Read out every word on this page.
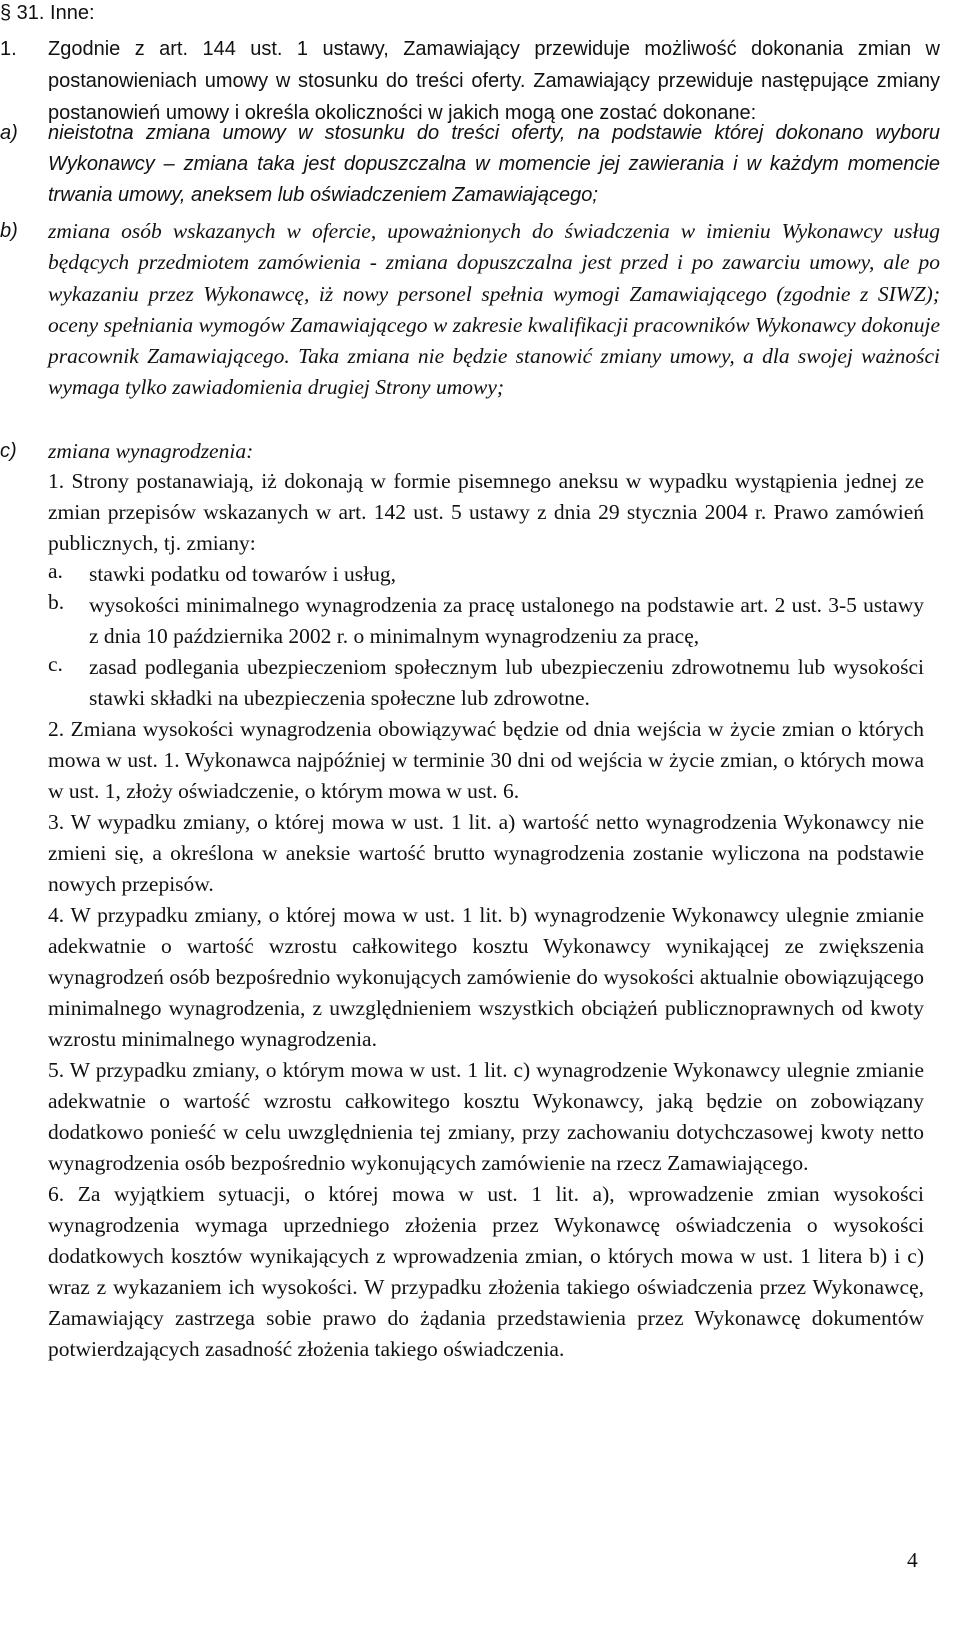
§ 31. Inne:
1. Zgodnie z art. 144 ust. 1 ustawy, Zamawiający przewiduje możliwość dokonania zmian w postanowieniach umowy w stosunku do treści oferty. Zamawiający przewiduje następujące zmiany postanowień umowy i określa okoliczności w jakich mogą one zostać dokonane:
a) nieistotna zmiana umowy w stosunku do treści oferty, na podstawie której dokonano wyboru Wykonawcy – zmiana taka jest dopuszczalna w momencie jej zawierania i w każdym momencie trwania umowy, aneksem lub oświadczeniem Zamawiającego;
b) zmiana osób wskazanych w ofercie, upoważnionych do świadczenia w imieniu Wykonawcy usług będących przedmiotem zamówienia - zmiana dopuszczalna jest przed i po zawarciu umowy, ale po wykazaniu przez Wykonawcę, iż nowy personel spełnia wymogi Zamawiającego (zgodnie z SIWZ); oceny spełniania wymogów Zamawiającego w zakresie kwalifikacji pracowników Wykonawcy dokonuje pracownik Zamawiającego. Taka zmiana nie będzie stanowić zmiany umowy, a dla swojej ważności wymaga tylko zawiadomienia drugiej Strony umowy;
c) zmiana wynagrodzenia:

1. Strony postanawiają, iż dokonają w formie pisemnego aneksu w wypadku wystąpienia jednej ze zmian przepisów wskazanych w art. 142 ust. 5 ustawy z dnia 29 stycznia 2004 r. Prawo zamówień publicznych, tj. zmiany:

a. stawki podatku od towarów i usług,
b. wysokości minimalnego wynagrodzenia za pracę ustalonego na podstawie art. 2 ust. 3-5 ustawy z dnia 10 października 2002 r. o minimalnym wynagrodzeniu za pracę,
c. zasad podlegania ubezpieczeniom społecznym lub ubezpieczeniu zdrowotnemu lub wysokości stawki składki na ubezpieczenia społeczne lub zdrowotne.

2. Zmiana wysokości wynagrodzenia obowiązywać będzie od dnia wejścia w życie zmian o których mowa w ust. 1. Wykonawca najpóźniej w terminie 30 dni od wejścia w życie zmian, o których mowa w ust. 1, złoży oświadczenie, o którym mowa w ust. 6.

3. W wypadku zmiany, o której mowa w ust. 1 lit. a) wartość netto wynagrodzenia Wykonawcy nie zmieni się, a określona w aneksie wartość brutto wynagrodzenia zostanie wyliczona na podstawie nowych przepisów.

4. W przypadku zmiany, o której mowa w ust. 1 lit. b) wynagrodzenie Wykonawcy ulegnie zmianie adekwatnie o wartość wzrostu całkowitego kosztu Wykonawcy wynikającej ze zwiększenia wynagrodzeń osób bezpośrednio wykonujących zamówienie do wysokości aktualnie obowiązującego minimalnego wynagrodzenia, z uwzględnieniem wszystkich obciążeń publicznoprawnych od kwoty wzrostu minimalnego wynagrodzenia.

5. W przypadku zmiany, o którym mowa w ust. 1 lit. c) wynagrodzenie Wykonawcy ulegnie zmianie adekwatnie o wartość wzrostu całkowitego kosztu Wykonawcy, jaką będzie on zobowiązany dodatkowo ponieść w celu uwzględnienia tej zmiany, przy zachowaniu dotychczasowej kwoty netto wynagrodzenia osób bezpośrednio wykonujących zamówienie na rzecz Zamawiającego.

6. Za wyjątkiem sytuacji, o której mowa w ust. 1 lit. a), wprowadzenie zmian wysokości wynagrodzenia wymaga uprzedniego złożenia przez Wykonawcę oświadczenia o wysokości dodatkowych kosztów wynikających z wprowadzenia zmian, o których mowa w ust. 1 litera b) i c) wraz z wykazaniem ich wysokości. W przypadku złożenia takiego oświadczenia przez Wykonawcę, Zamawiający zastrzega sobie prawo do żądania przedstawienia przez Wykonawcę dokumentów potwierdzających zasadność złożenia takiego oświadczenia.

4
